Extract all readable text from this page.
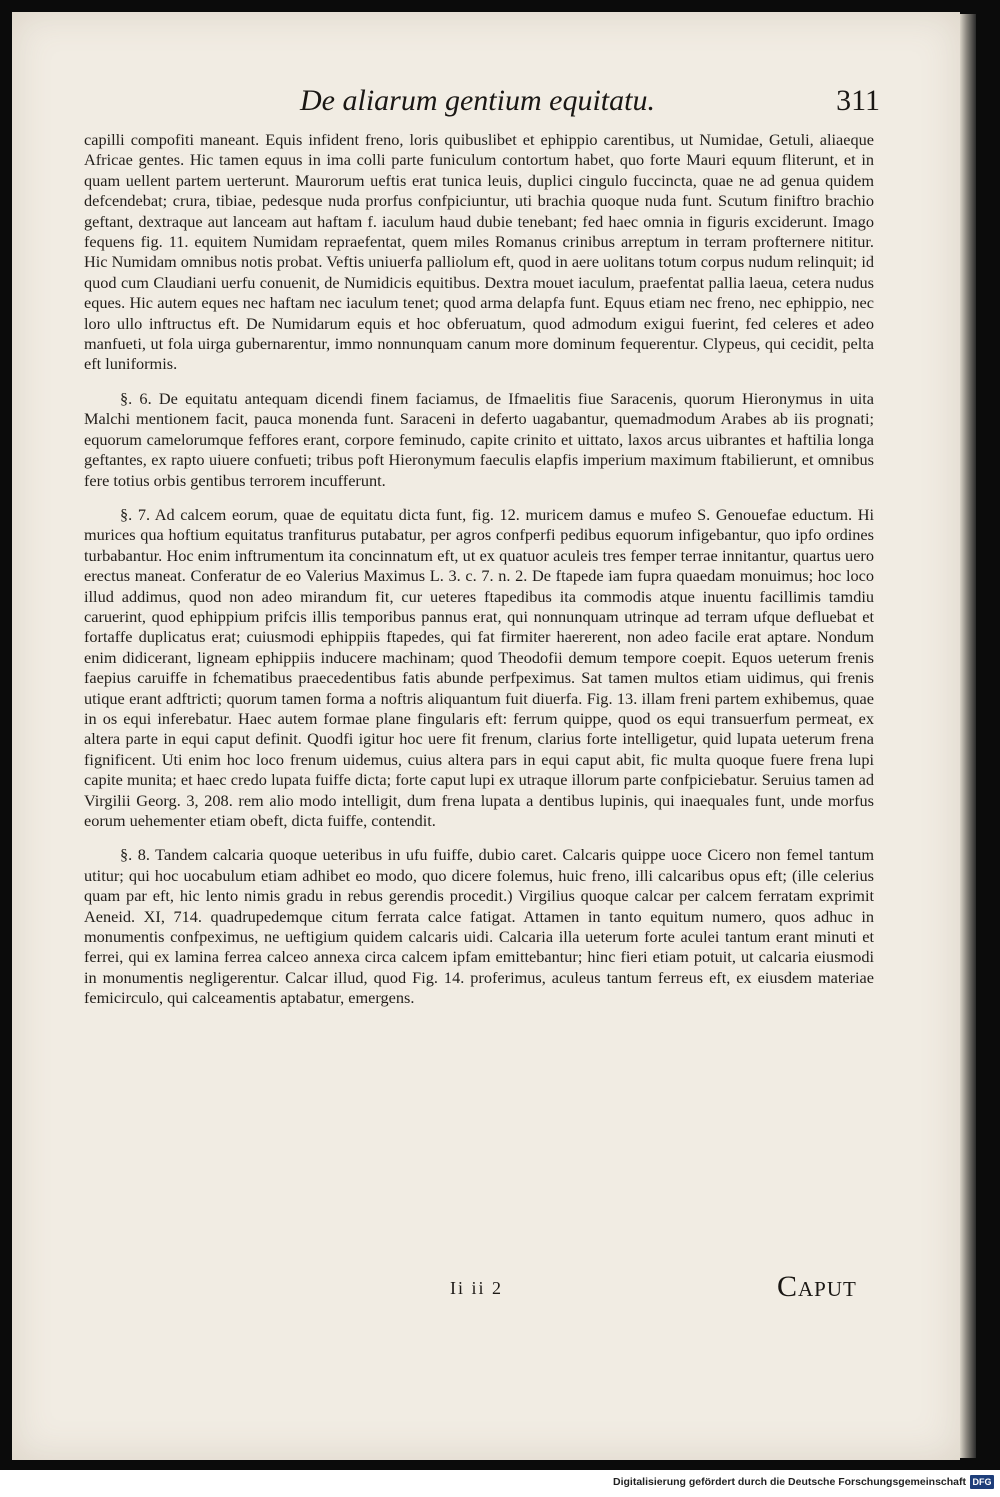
De aliarum gentium equitatu.	311

capilli compofiti maneant. Equis infident freno, loris quibuslibet et ephippio carentibus, ut Numidae, Getuli, aliaeque Africae gentes. Hic tamen equus in ima colli parte funiculum contortum habet, quo forte Mauri equum fliterunt, et in quam uellent partem uerterunt. Maurorum ueftis erat tunica leuis, duplici cingulo fuccincta, quae ne ad genua quidem defcendebat; crura, tibiae, pedesque nuda prorfus confpiciuntur, uti brachia quoque nuda funt. Scutum finiftro brachio geftant, dextraque aut lanceam aut haftam f. iaculum haud dubie tenebant; fed haec omnia in figuris exciderunt. Imago fequens fig. 11. equitem Numidam repraefentat, quem miles Romanus crinibus arreptum in terram profternere nititur. Hic Numidam omnibus notis probat. Veftis uniuerfa palliolum eft, quod in aere uolitans totum corpus nudum relinquit; id quod cum Claudiani uerfu conuenit, de Numidicis equitibus. Dextra mouet iaculum, praefentat pallia laeua, cetera nudus eques. Hic autem eques nec haftam nec iaculum tenet; quod arma delapfa funt. Equus etiam nec freno, nec ephippio, nec loro ullo inftructus eft. De Numidarum equis et hoc obferuatum, quod admodum exigui fuerint, fed celeres et adeo manfueti, ut fola uirga gubernarentur, immo nonnunquam canum more dominum fequerentur. Clypeus, qui cecidit, pelta eft luniformis.

§. 6. De equitatu antequam dicendi finem faciamus, de Ifmaelitis fiue Saracenis, quorum Hieronymus in uita Malchi mentionem facit, pauca monenda funt. Saraceni in deferto uagabantur, quemadmodum Arabes ab iis prognati; equorum camelorumque feffores erant, corpore feminudo, capite crinito et uittato, laxos arcus uibrantes et haftilia longa geftantes, ex rapto uiuere confueti; tribus poft Hieronymum faeculis elapfis imperium maximum ftabilierunt, et omnibus fere totius orbis gentibus terrorem incufferunt.

§. 7. Ad calcem eorum, quae de equitatu dicta funt, fig. 12. muricem damus e mufeo S. Genouefae eductum. Hi murices qua hoftium equitatus tranfiturus putabatur, per agros confperfi pedibus equorum infigebantur, quo ipfo ordines turbabantur. Hoc enim inftrumentum ita concinnatum eft, ut ex quatuor aculeis tres femper terrae innitantur, quartus uero erectus maneat. Conferatur de eo Valerius Maximus L. 3. c. 7. n. 2. De ftapede iam fupra quaedam monuimus; hoc loco illud addimus, quod non adeo mirandum fit, cur ueteres ftapedibus ita commodis atque inuentu facillimis tamdiu caruerint, quod ephippium prifcis illis temporibus pannus erat, qui nonnunquam utrinque ad terram ufque defluebat et fortaffe duplicatus erat; cuiusmodi ephippiis ftapedes, qui fat firmiter haererent, non adeo facile erat aptare. Nondum enim didicerant, ligneam ephippiis inducere machinam; quod Theodofii demum tempore coepit. Equos ueterum frenis faepius caruiffe in fchematibus praecedentibus fatis abunde perfpeximus. Sat tamen multos etiam uidimus, qui frenis utique erant adftricti; quorum tamen forma a noftris aliquantum fuit diuerfa. Fig. 13. illam freni partem exhibemus, quae in os equi inferebatur. Haec autem formae plane fingularis eft: ferrum quippe, quod os equi transuerfum permeat, ex altera parte in equi caput definit. Quodfi igitur hoc uere fit frenum, clarius forte intelligetur, quid lupata ueterum frena fignificent. Uti enim hoc loco frenum uidemus, cuius altera pars in equi caput abit, fic multa quoque fuere frena lupi capite munita; et haec credo lupata fuiffe dicta; forte caput lupi ex utraque illorum parte confpiciebatur. Seruius tamen ad Virgilii Georg. 3, 208. rem alio modo intelligit, dum frena lupata a dentibus lupinis, qui inaequales funt, unde morfus eorum uehementer etiam obeft, dicta fuiffe, contendit.

§. 8. Tandem calcaria quoque ueteribus in ufu fuiffe, dubio caret. Calcaris quippe uoce Cicero non femel tantum utitur; qui hoc uocabulum etiam adhibet eo modo, quo dicere folemus, huic freno, illi calcaribus opus eft; (ille celerius quam par eft, hic lento nimis gradu in rebus gerendis procedit.) Virgilius quoque calcar per calcem ferratam exprimit Aeneid. XI, 714. quadrupedemque citum ferrata calce fatigat. Attamen in tanto equitum numero, quos adhuc in monumentis confpeximus, ne ueftigium quidem calcaris uidi. Calcaria illa ueterum forte aculei tantum erant minuti et ferrei, qui ex lamina ferrea calceo annexa circa calcem ipfam emittebantur; hinc fieri etiam potuit, ut calcaria eiusmodi in monumentis negligerentur. Calcar illud, quod Fig. 14. proferimus, aculeus tantum ferreus eft, ex eiusdem materiae femicirculo, qui calceamentis aptabatur, emergens.

Ii ii 2	Caput
Digitalisierung gefördert durch die Deutsche Forschungsgemeinschaft DFG
